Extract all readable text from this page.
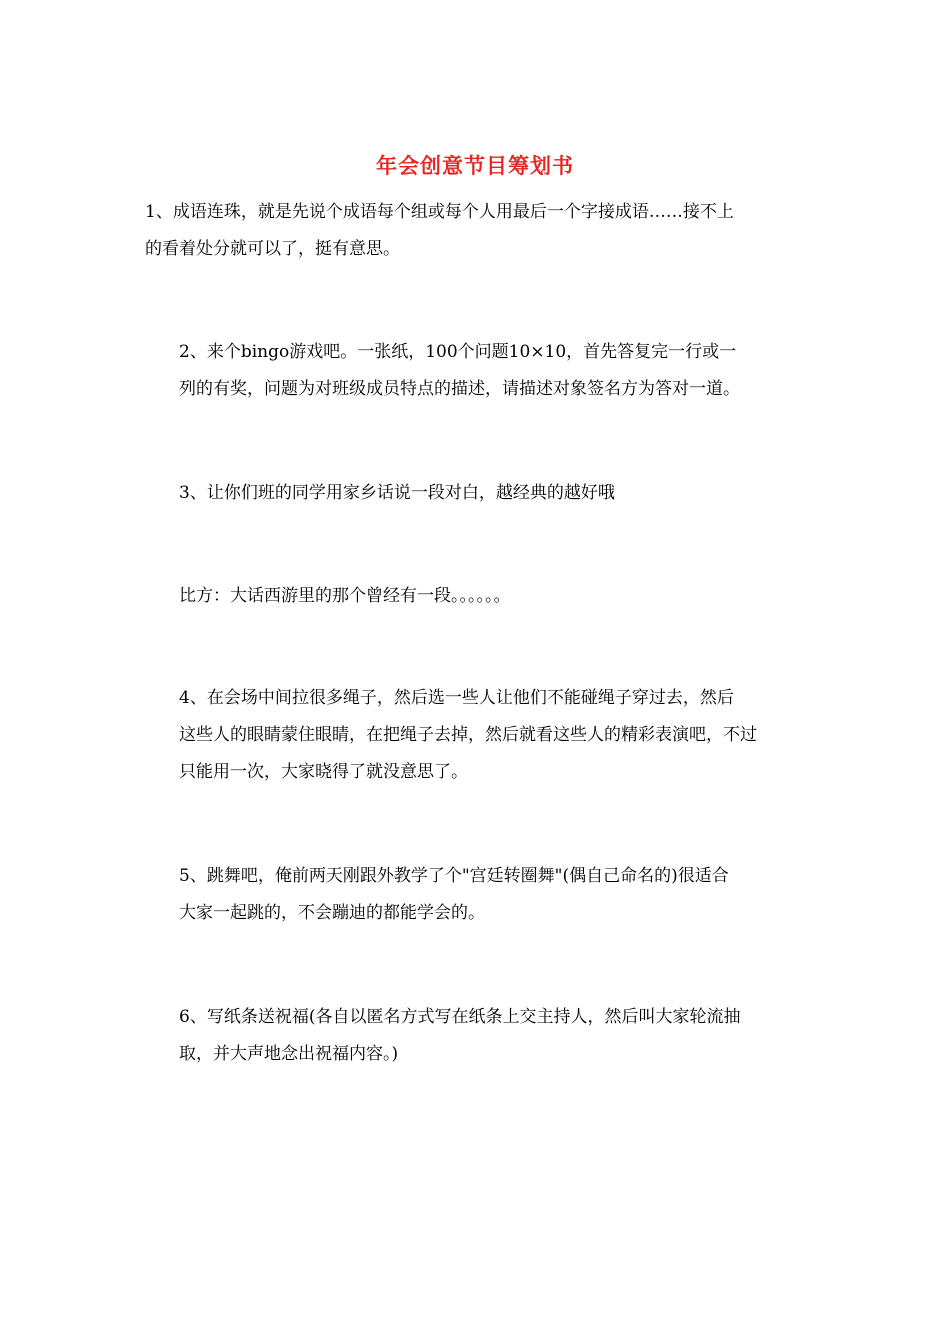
年会创意节目筹划书

1、成语连珠，就是先说个成语每个组或每个人用最后一个字接成语……接不上
的看着处分就可以了，挺有意思。

2、来个bingo游戏吧。一张纸，100个问题10×10，首先答复完一行或一
列的有奖，问题为对班级成员特点的描述，请描述对象签名方为答对一道。

3、让你们班的同学用家乡话说一段对白，越经典的越好哦

比方：大话西游里的那个曾经有一段。。。。。。

4、在会场中间拉很多绳子，然后选一些人让他们不能碰绳子穿过去，然后
这些人的眼睛蒙住眼睛，在把绳子去掉，然后就看这些人的精彩表演吧，不过
只能用一次，大家晓得了就没意思了。

5、跳舞吧，俺前两天刚跟外教学了个"宫廷转圈舞"(偶自己命名的)很适合
大家一起跳的，不会蹦迪的都能学会的。

6、写纸条送祝福(各自以匿名方式写在纸条上交主持人，然后叫大家轮流抽
取，并大声地念出祝福内容。)
